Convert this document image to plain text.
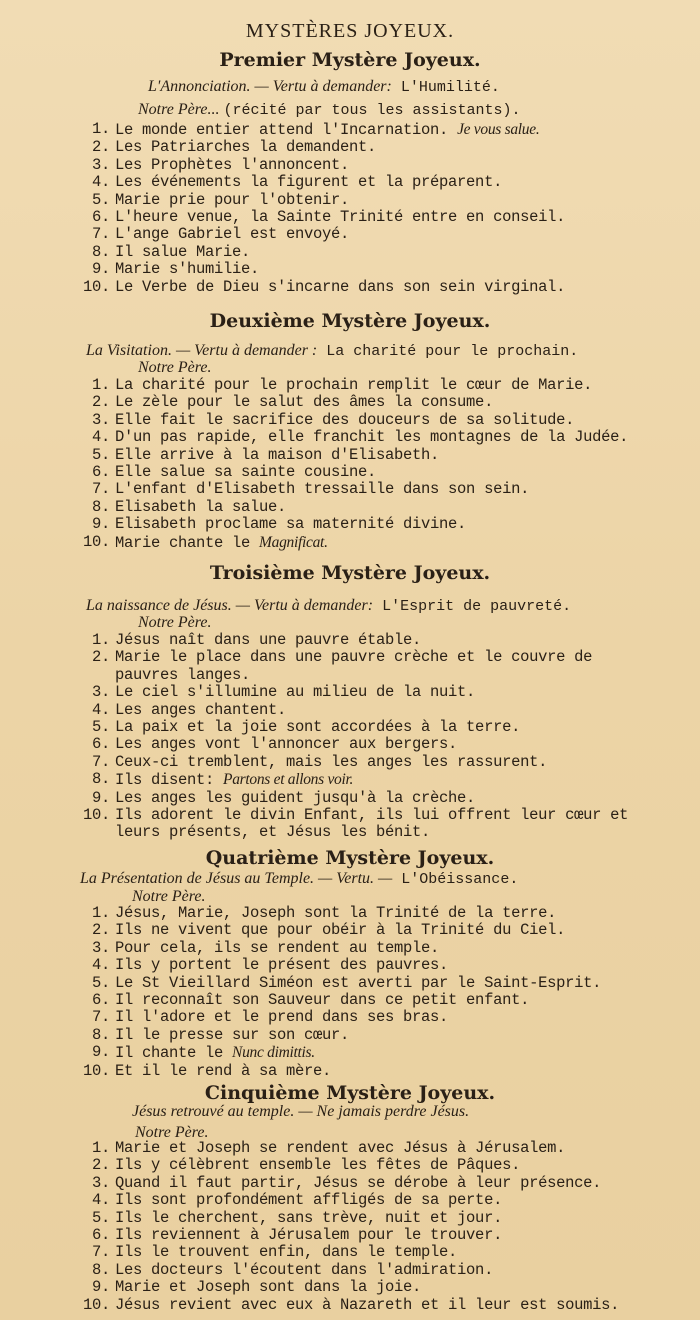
MYSTÈRES JOYEUX.
Premier Mystère Joyeux.
L'Annonciation. — Vertu à demander: L'Humilité.
Notre Père... (récité par tous les assistants).
1. Le monde entier attend l'Incarnation. Je vous salue.
2. Les Patriarches la demandent.
3. Les Prophètes l'annoncent.
4. Les événements la figurent et la préparent.
5. Marie prie pour l'obtenir.
6. L'heure venue, la Sainte Trinité entre en conseil.
7. L'ange Gabriel est envoyé.
8. Il salue Marie.
9. Marie s'humilie.
10. Le Verbe de Dieu s'incarne dans son sein virginal.
Deuxième Mystère Joyeux.
La Visitation. — Vertu à demander : La charité pour le prochain.
Notre Père.
1. La charité pour le prochain remplit le cœur de Marie.
2. Le zèle pour le salut des âmes la consume.
3. Elle fait le sacrifice des douceurs de sa solitude.
4. D'un pas rapide, elle franchit les montagnes de la Judée.
5. Elle arrive à la maison d'Elisabeth.
6. Elle salue sa sainte cousine.
7. L'enfant d'Elisabeth tressaille dans son sein.
8. Elisabeth la salue.
9. Elisabeth proclame sa maternité divine.
10. Marie chante le Magnificat.
Troisième Mystère Joyeux.
La naissance de Jésus. — Vertu à demander: L'Esprit de pauvreté.
Notre Père.
1. Jésus naît dans une pauvre étable.
2. Marie le place dans une pauvre crèche et le couvre de pauvres langes.
3. Le ciel s'illumine au milieu de la nuit.
4. Les anges chantent.
5. La paix et la joie sont accordées à la terre.
6. Les anges vont l'annoncer aux bergers.
7. Ceux-ci tremblent, mais les anges les rassurent.
8. Ils disent: Partons et allons voir.
9. Les anges les guident jusqu'à la crèche.
10. Ils adorent le divin Enfant, ils lui offrent leur cœur et leurs présents, et Jésus les bénit.
Quatrième Mystère Joyeux.
La Présentation de Jésus au Temple. — Vertu. — L'Obéissance.
Notre Père.
1. Jésus, Marie, Joseph sont la Trinité de la terre.
2. Ils ne vivent que pour obéir à la Trinité du Ciel.
3. Pour cela, ils se rendent au temple.
4. Ils y portent le présent des pauvres.
5. Le St Vieillard Siméon est averti par le Saint-Esprit.
6. Il reconnaît son Sauveur dans ce petit enfant.
7. Il l'adore et le prend dans ses bras.
8. Il le presse sur son cœur.
9. Il chante le Nunc dimittis.
10. Et il le rend à sa mère.
Cinquième Mystère Joyeux.
Jésus retrouvé au temple. — Ne jamais perdre Jésus.
Notre Père.
1. Marie et Joseph se rendent avec Jésus à Jérusalem.
2. Ils y célèbrent ensemble les fêtes de Pâques.
3. Quand il faut partir, Jésus se dérobe à leur présence.
4. Ils sont profondément affligés de sa perte.
5. Ils le cherchent, sans trève, nuit et jour.
6. Ils reviennent à Jérusalem pour le trouver.
7. Ils le trouvent enfin, dans le temple.
8. Les docteurs l'écoutent dans l'admiration.
9. Marie et Joseph sont dans la joie.
10. Jésus revient avec eux à Nazareth et il leur est soumis.
